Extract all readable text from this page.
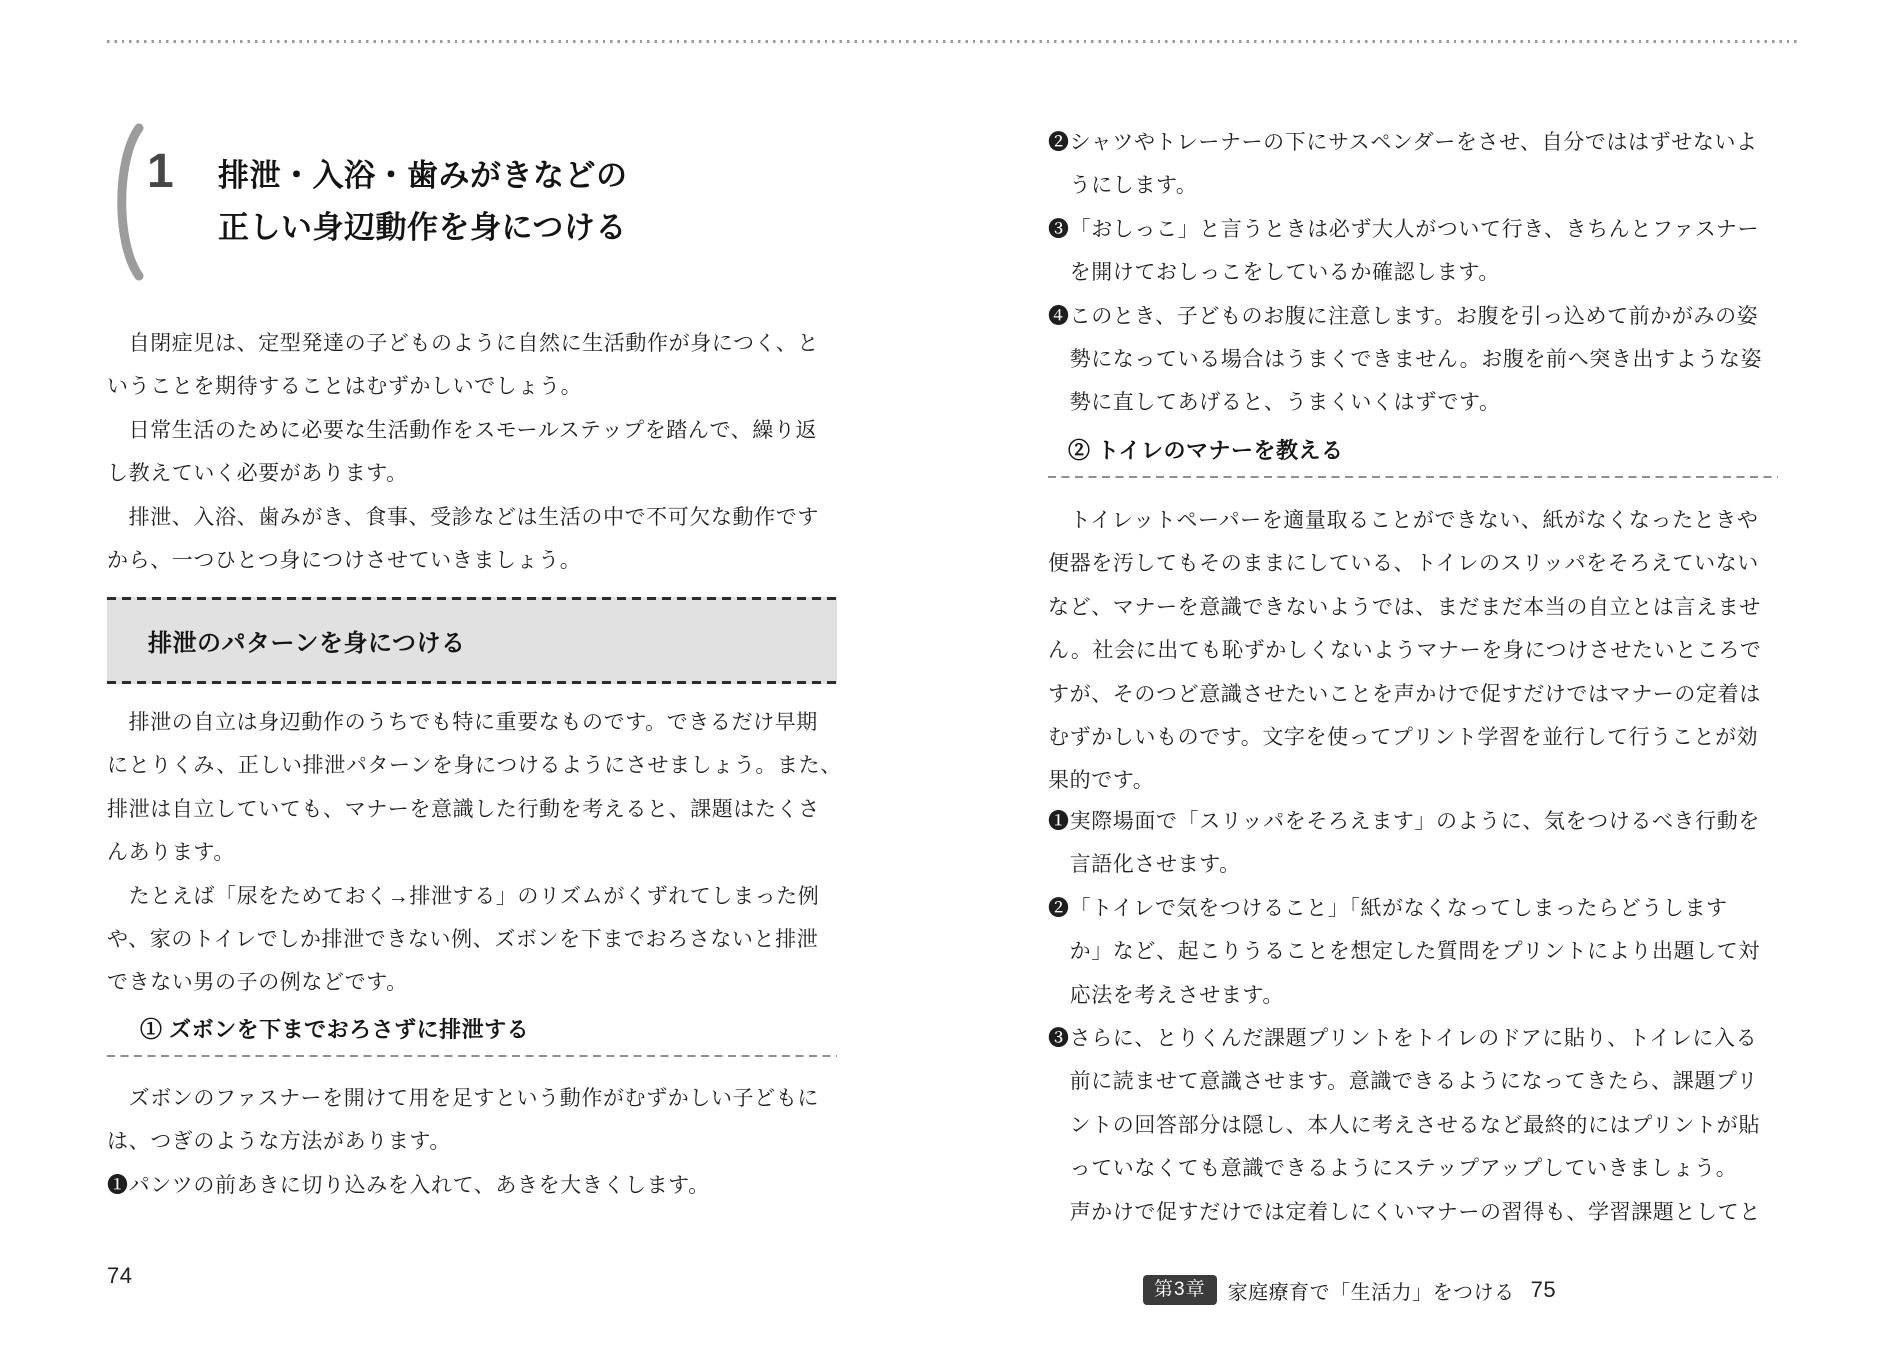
1 排泄・入浴・歯みがきなどの
正しい身辺動作を身につける
　自閉症児は、定型発達の子どものように自然に生活動作が身につく、と
いうことを期待することはむずかしいでしょう。
　日常生活のために必要な生活動作をスモールステップを踏んで、繰り返
し教えていく必要があります。
　排泄、入浴、歯みがき、食事、受診などは生活の中で不可欠な動作です
から、一つひとつ身につけさせていきましょう。
排泄のパターンを身につける
　排泄の自立は身辺動作のうちでも特に重要なものです。できるだけ早期
にとりくみ、正しい排泄パターンを身につけるようにさせましょう。また、
排泄は自立していても、マナーを意識した行動を考えると、課題はたくさ
んあります。
　たとえば「尿をためておく→排泄する」のリズムがくずれてしまった例
や、家のトイレでしか排泄できない例、ズボンを下までおろさないと排泄
できない男の子の例などです。
① ズボンを下までおろさずに排泄する
　ズボンのファスナーを開けて用を足すという動作がむずかしい子どもに
は、つぎのような方法があります。
❶パンツの前あきに切り込みを入れて、あきを大きくします。
74
❷シャツやトレーナーの下にサスペンダーをさせ、自分でははずせないよ
　うにします。
❸「おしっこ」と言うときは必ず大人がついて行き、きちんとファスナー
　を開けておしっこをしているか確認します。
❹このとき、子どものお腹に注意します。お腹を引っ込めて前かがみの姿
　勢になっている場合はうまくできません。お腹を前へ突き出すような姿
　勢に直してあげると、うまくいくはずです。
② トイレのマナーを教える
　トイレットペーパーを適量取ることができない、紙がなくなったときや
便器を汚してもそのままにしている、トイレのスリッパをそろえていない
など、マナーを意識できないようでは、まだまだ本当の自立とは言えませ
ん。社会に出ても恥ずかしくないようマナーを身につけさせたいところで
すが、そのつど意識させたいことを声かけで促すだけではマナーの定着は
むずかしいものです。文字を使ってプリント学習を並行して行うことが効
果的です。
❶実際場面で「スリッパをそろえます」のように、気をつけるべき行動を
　言語化させます。
❷「トイレで気をつけること」「紙がなくなってしまったらどうします
　か」など、起こりうることを想定した質問をプリントにより出題して対
　応法を考えさせます。
❸さらに、とりくんだ課題プリントをトイレのドアに貼り、トイレに入る
　前に読ませて意識させます。意識できるようになってきたら、課題プリ
　ントの回答部分は隠し、本人に考えさせるなど最終的にはプリントが貼
　っていなくても意識できるようにステップアップしていきましょう。
　声かけで促すだけでは定着しにくいマナーの習得も、学習課題としてと
第3章	家庭療育で「生活力」をつける 75
